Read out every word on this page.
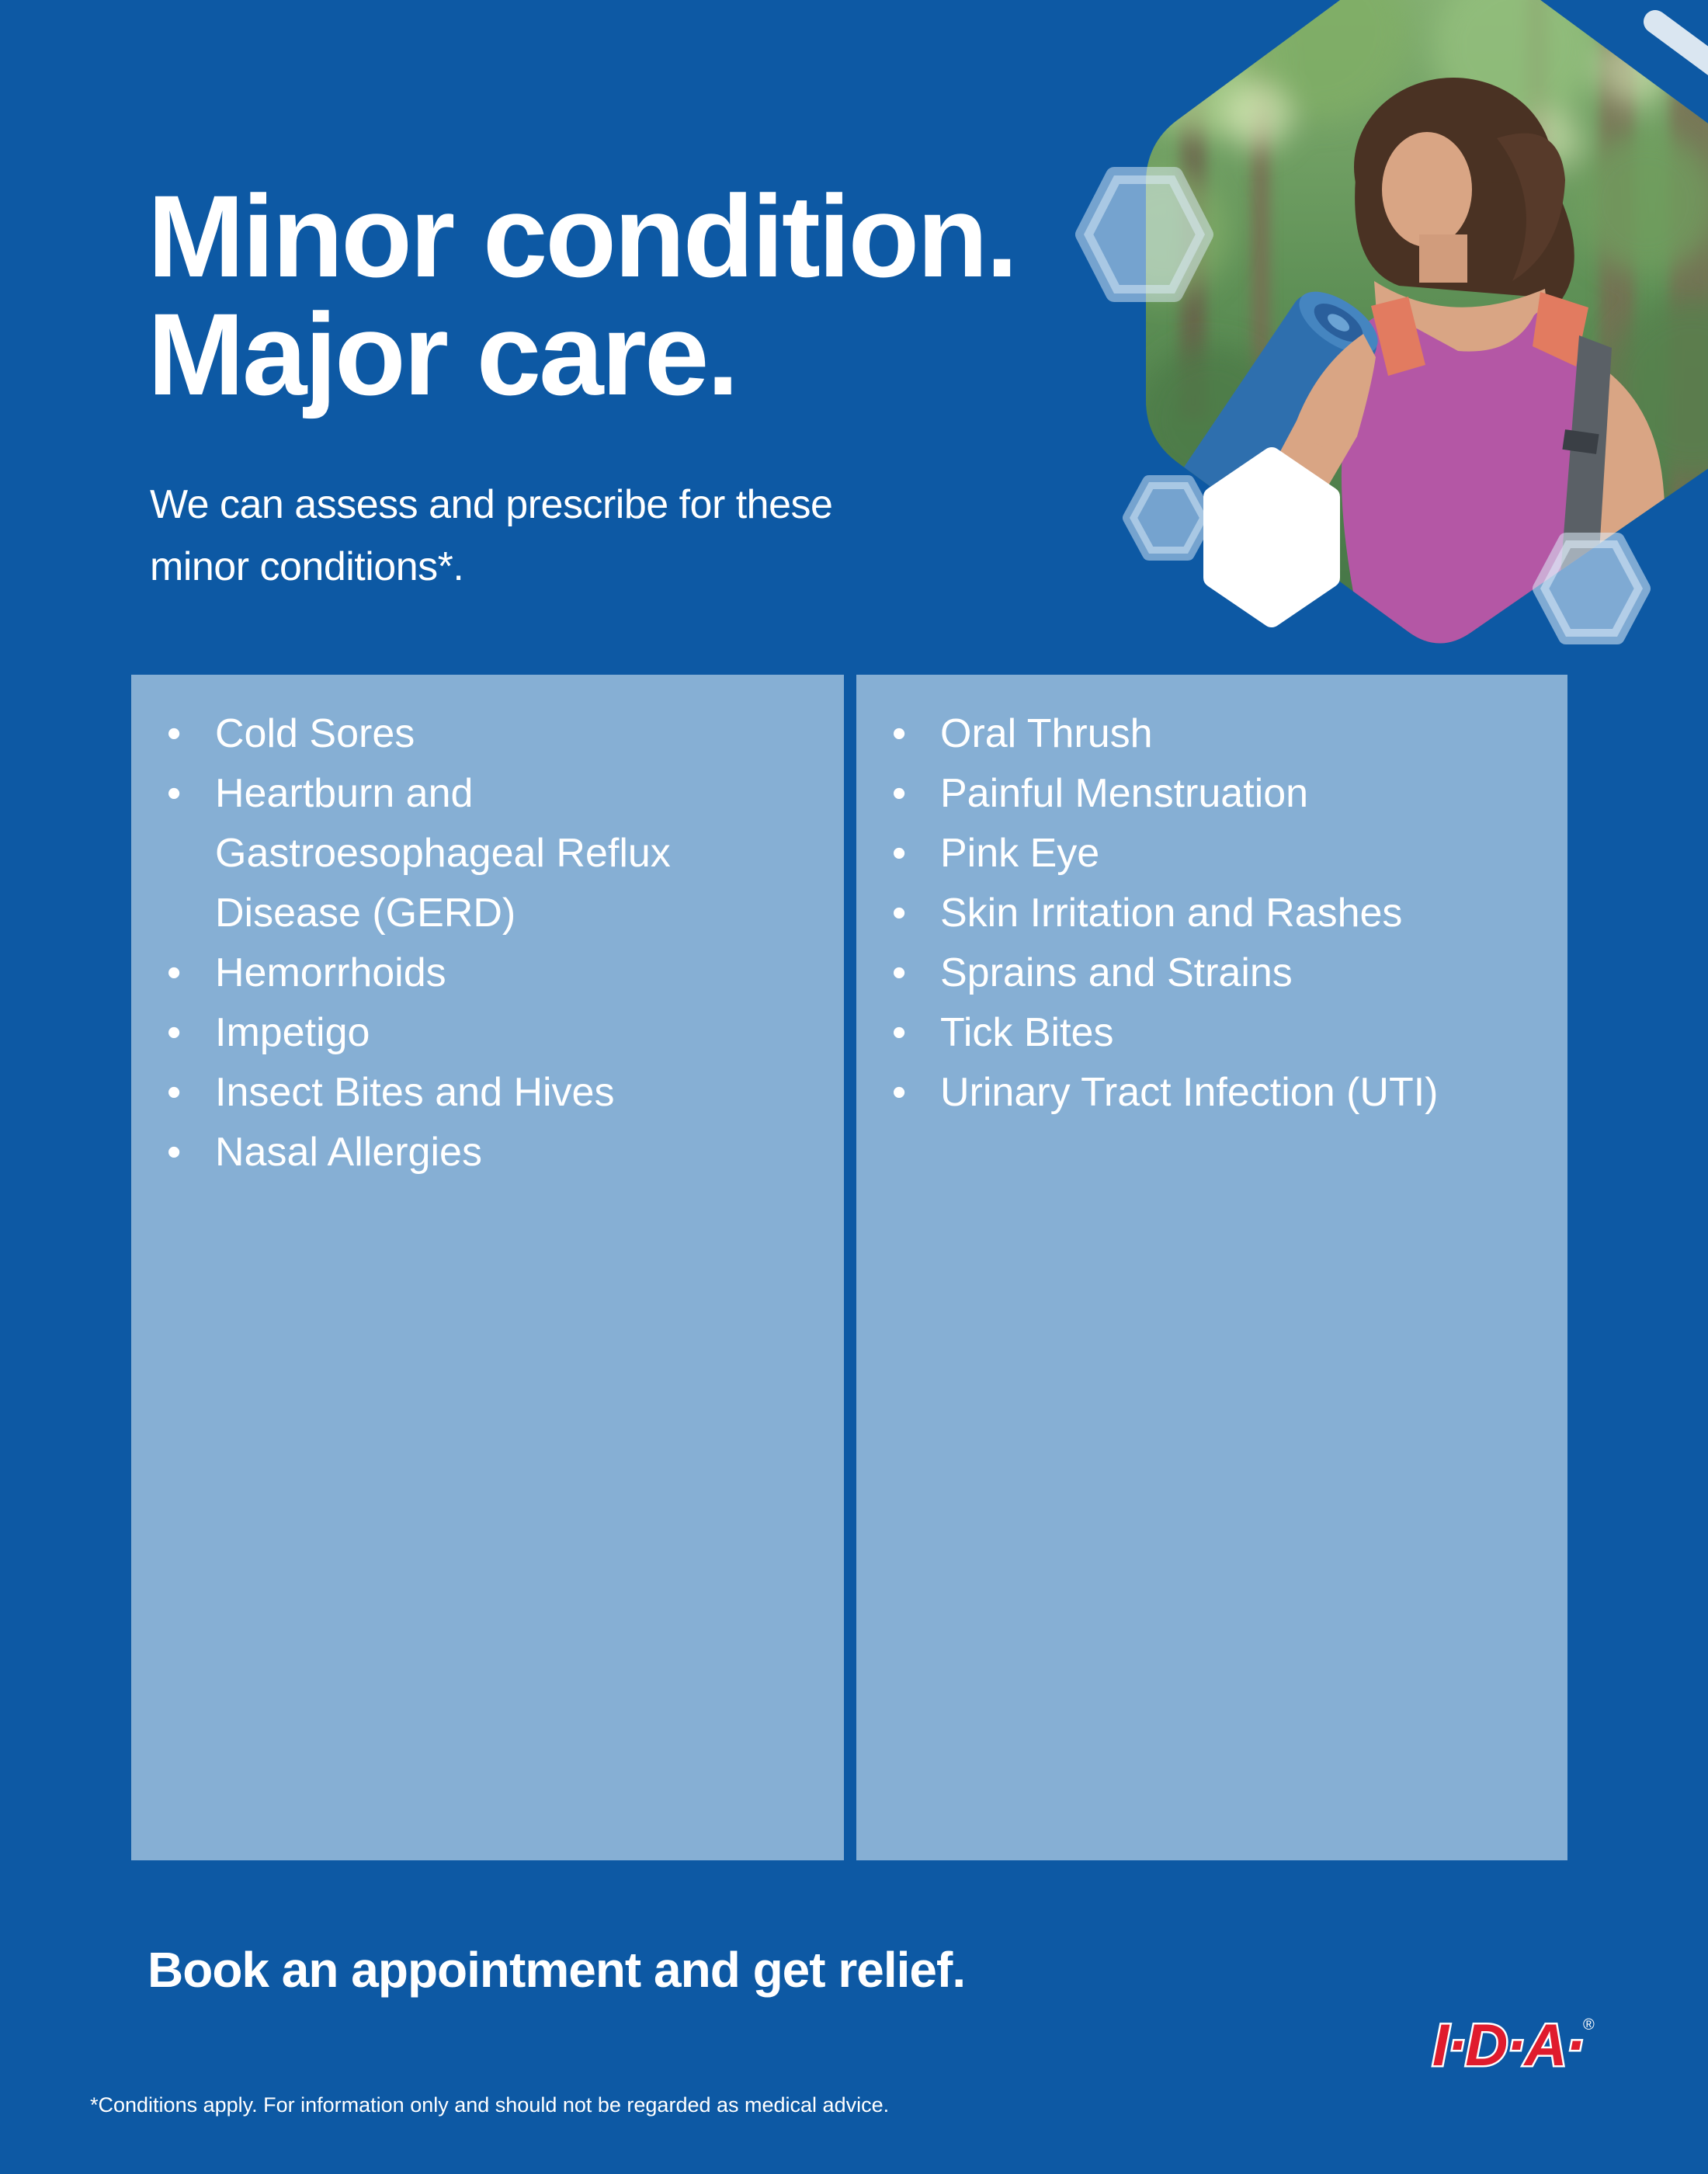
Minor condition.
Major care.
We can assess and prescribe for these
minor conditions*.
• Cold Sores
• Heartburn and Gastroesophageal Reflux Disease (GERD)
• Hemorrhoids
• Impetigo
• Insect Bites and Hives
• Nasal Allergies
• Oral Thrush
• Painful Menstruation
• Pink Eye
• Skin Irritation and Rashes
• Sprains and Strains
• Tick Bites
• Urinary Tract Infection (UTI)
Book an appointment and get relief.
*Conditions apply. For information only and should not be regarded as medical advice.
I·D·A· ®
